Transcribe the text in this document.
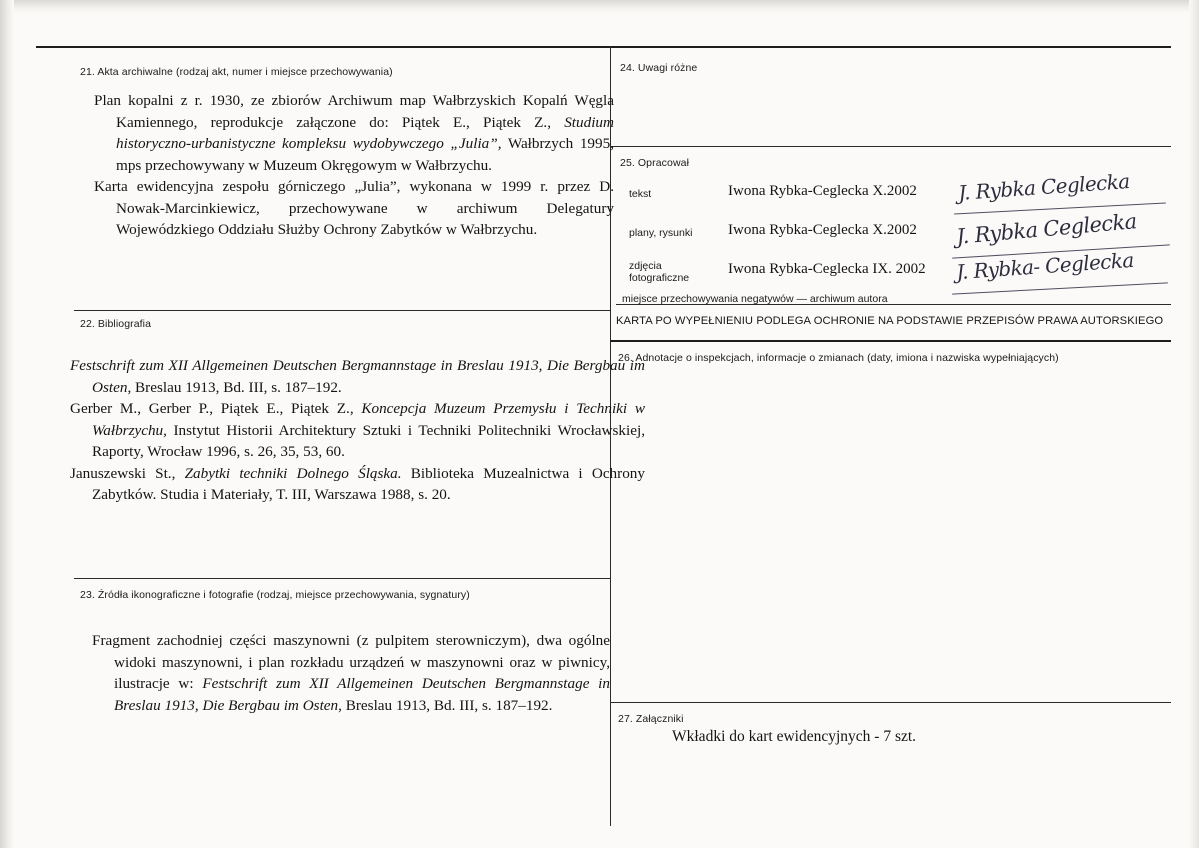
21. Akta archiwalne (rodzaj akt, numer i miejsce przechowywania)

Plan kopalni z r. 1930, ze zbiorów Archiwum map Wałbrzyskich Kopalń Węgla Kamiennego, reprodukcje załączone do: Piątek E., Piątek Z., Studium historyczno-urbanistyczne kompleksu wydobywczego „Julia”, Wałbrzych 1995, mps przechowywany w Muzeum Okręgowym w Wałbrzychu.

Karta ewidencyjna zespołu górniczego „Julia”, wykonana w 1999 r. przez D. Nowak-Marcinkiewicz, przechowywane w archiwum Delegatury Wojewódzkiego Oddziału Służby Ochrony Zabytków w Wałbrzychu.

22. Bibliografia

Festschrift zum XII Allgemeinen Deutschen Bergmannstage in Breslau 1913, Die Bergbau im Osten, Breslau 1913, Bd. III, s. 187–192.

Gerber M., Gerber P., Piątek E., Piątek Z., Koncepcja Muzeum Przemysłu i Techniki w Wałbrzychu, Instytut Historii Architektury Sztuki i Techniki Politechniki Wrocławskiej, Raporty, Wrocław 1996, s. 26, 35, 53, 60.

Januszewski St., Zabytki techniki Dolnego Śląska. Biblioteka Muzealnictwa i Ochrony Zabytków. Studia i Materiały, T. III, Warszawa 1988, s. 20.

23. Źródła ikonograficzne i fotografie (rodzaj, miejsce przechowywania, sygnatury)

Fragment zachodniej części maszynowni (z pulpitem sterowniczym), dwa ogólne widoki maszynowni, i plan rozkładu urządzeń w maszynowni oraz w piwnicy, ilustracje w: Festschrift zum XII Allgemeinen Deutschen Bergmannstage in Breslau 1913, Die Bergbau im Osten, Breslau 1913, Bd. III, s. 187–192.

24. Uwagi różne
25. Opracował
tekst	Iwona Rybka-Ceglecka X.2002 J. Rybka Ceglecka
plany, rysunki Iwona Rybka-Ceglecka X.2002 J. Rybka Ceglecka
zdjęcia
fotograficzne
Iwona Rybka-Ceglecka IX. 2002 J. Rybka- Ceglecka
miejsce przechowywania negatywów — archiwum autora
KARTA PO WYPEŁNIENIU PODLEGA OCHRONIE NA PODSTAWIE PRZEPISÓW PRAWA AUTORSKIEGO
26. Adnotacje o inspekcjach, informacje o zmianach (daty, imiona i nazwiska wypełniających)
27. Załączniki
Wkładki do kart ewidencyjnych - 7 szt.
